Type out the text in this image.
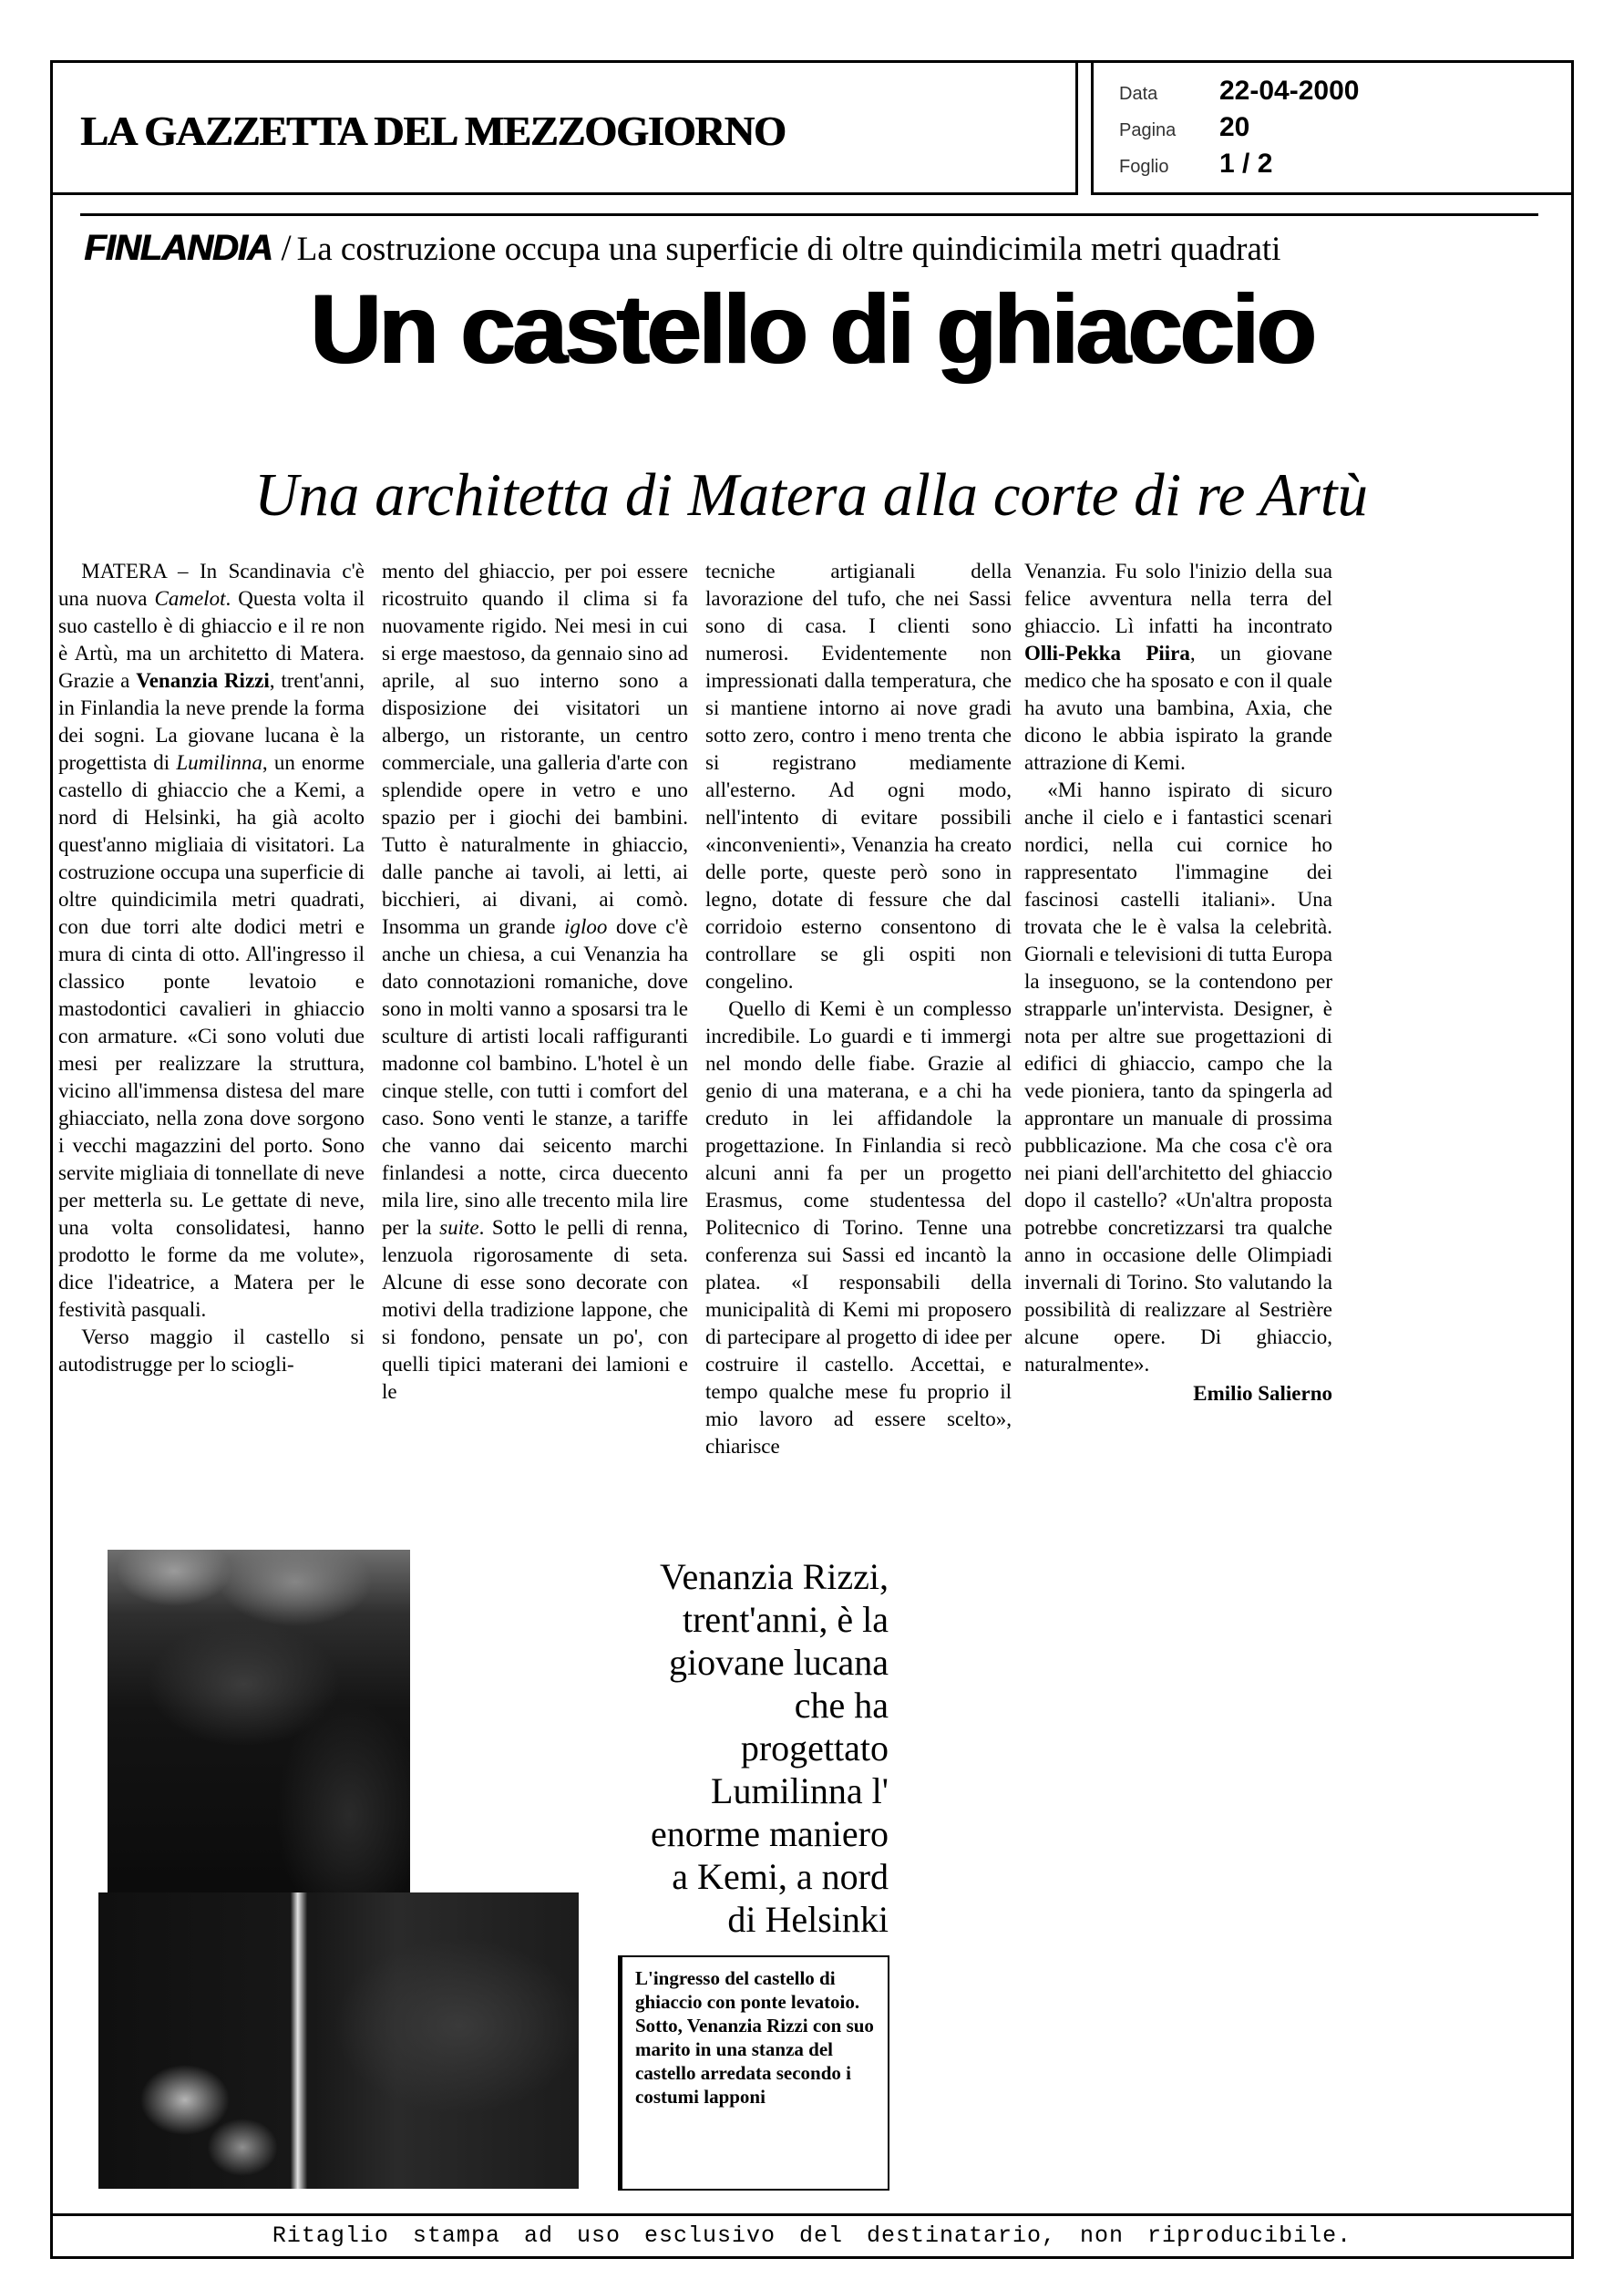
LA GAZZETTA DEL MEZZOGIORNO
Data	22-04-2000
Pagina	20
Foglio	1 / 2
FINLANDIA / La costruzione occupa una superficie di oltre quindicimila metri quadrati
Un castello di ghiaccio
Una architetta di Matera alla corte di re Artù

MATERA – In Scandinavia c'è una nuova Camelot. Questa volta il suo castello è di ghiaccio e il re non è Artù, ma un architetto di Matera. Grazie a Venanzia Rizzi, trent'anni, in Finlandia la neve prende la forma dei sogni. La giovane lucana è la progettista di Lumilinna, un enorme castello di ghiaccio che a Kemi, a nord di Helsinki, ha già acolto quest'anno migliaia di visitatori. La costruzione occupa una superficie di oltre quindicimila metri quadrati, con due torri alte dodici metri e mura di cinta di otto. All'ingresso il classico ponte levatoio e mastodontici cavalieri in ghiaccio con armature. «Ci sono voluti due mesi per realizzare la struttura, vicino all'immensa distesa del mare ghiacciato, nella zona dove sorgono i vecchi magazzini del porto. Sono servite migliaia di tonnellate di neve per metterla su. Le gettate di neve, una volta consolidatesi, hanno prodotto le forme da me volute», dice l'ideatrice, a Matera per le festività pasquali.

Verso maggio il castello si autodistrugge per lo sciogli-

mento del ghiaccio, per poi essere ricostruito quando il clima si fa nuovamente rigido. Nei mesi in cui si erge maestoso, da gennaio sino ad aprile, al suo interno sono a disposizione dei visitatori un albergo, un ristorante, un centro commerciale, una galleria d'arte con splendide opere in vetro e uno spazio per i giochi dei bambini. Tutto è naturalmente in ghiaccio, dalle panche ai tavoli, ai letti, ai bicchieri, ai divani, ai comò. Insomma un grande igloo dove c'è anche un chiesa, a cui Venanzia ha dato connotazioni romaniche, dove sono in molti vanno a sposarsi tra le sculture di artisti locali raffiguranti madonne col bambino. L'hotel è un cinque stelle, con tutti i comfort del caso. Sono venti le stanze, a tariffe che vanno dai seicento marchi finlandesi a notte, circa duecento mila lire, sino alle trecento mila lire per la suite. Sotto le pelli di renna, lenzuola rigorosamente di seta. Alcune di esse sono decorate con motivi della tradizione lappone, che si fondono, pensate un po', con quelli tipici materani dei lamioni e le

tecniche artigianali della lavorazione del tufo, che nei Sassi sono di casa. I clienti sono numerosi. Evidentemente non impressionati dalla temperatura, che si mantiene intorno ai nove gradi sotto zero, contro i meno trenta che si registrano mediamente all'esterno. Ad ogni modo, nell'intento di evitare possibili «inconvenienti», Venanzia ha creato delle porte, queste però sono in legno, dotate di fessure che dal corridoio esterno consentono di controllare se gli ospiti non congelino.

Quello di Kemi è un complesso incredibile. Lo guardi e ti immergi nel mondo delle fiabe. Grazie al genio di una materana, e a chi ha creduto in lei affidandole la progettazione. In Finlandia si recò alcuni anni fa per un progetto Erasmus, come studentessa del Politecnico di Torino. Tenne una conferenza sui Sassi ed incantò la platea. «I responsabili della municipalità di Kemi mi proposero di partecipare al progetto di idee per costruire il castello. Accettai, e tempo qualche mese fu proprio il mio lavoro ad essere scelto», chiarisce

Venanzia. Fu solo l'inizio della sua felice avventura nella terra del ghiaccio. Lì infatti ha incontrato Olli-Pekka Piira, un giovane medico che ha sposato e con il quale ha avuto una bambina, Axia, che dicono le abbia ispirato la grande attrazione di Kemi.

«Mi hanno ispirato di sicuro anche il cielo e i fantastici scenari nordici, nella cui cornice ho rappresentato l'immagine dei fascinosi castelli italiani». Una trovata che le è valsa la celebrità. Giornali e televisioni di tutta Europa la inseguono, se la contendono per strapparle un'intervista. Designer, è nota per altre sue progettazioni di edifici di ghiaccio, campo che la vede pioniera, tanto da spingerla ad approntare un manuale di prossima pubblicazione. Ma che cosa c'è ora nei piani dell'architetto del ghiaccio dopo il castello? «Un'altra proposta potrebbe concretizzarsi tra qualche anno in occasione delle Olimpiadi invernali di Torino. Sto valutando la possibilità di realizzare al Sestrière alcune opere. Di ghiaccio, naturalmente».

Emilio Salierno

Venanzia Rizzi,
trent'anni, è la
giovane lucana
che ha
progettato
Lumilinna l'
enorme maniero
a Kemi, a nord
di Helsinki
L'ingresso del castello di ghiaccio con ponte levatoio. Sotto, Venanzia Rizzi con suo marito in una stanza del castello arredata secondo i costumi lapponi
Ritaglio stampa ad uso esclusivo del destinatario, non riproducibile.
